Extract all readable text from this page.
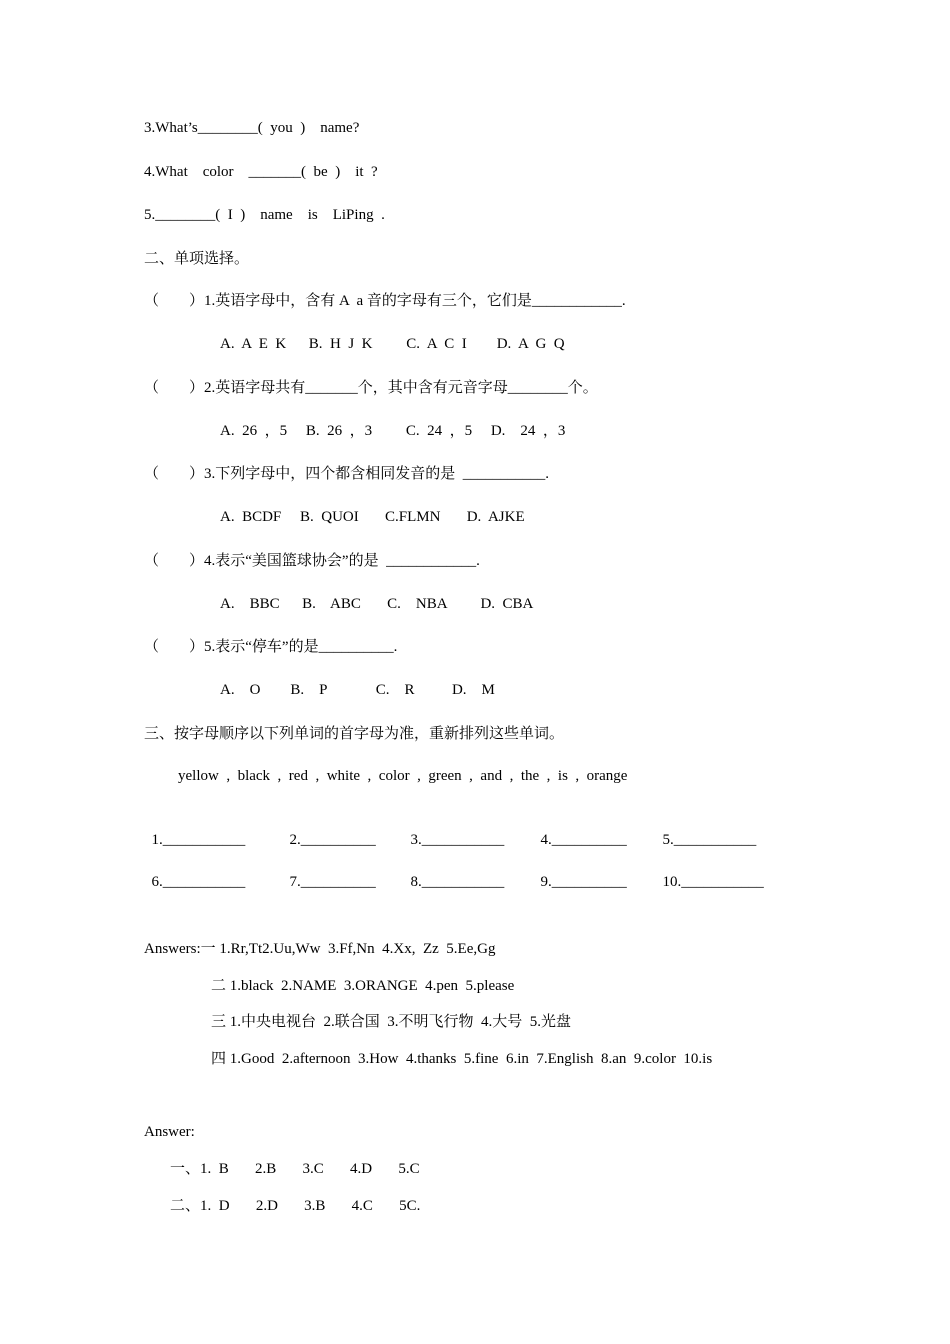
3.What’s________(  you  )    name?
4.What    color    _______(  be  )    it  ?
5.________(  I  )    name    is    LiPing  .
二、单项选择。
（        ）1.英语字母中，含有 A  a 音的字母有三个，它们是____________.
A.  A  E  K      B.  H  J  K         C.  A  C  I        D.  A  G  Q
（        ）2.英语字母共有_______个，其中含有元音字母________个。
A.  26  ，5     B.  26  ，3         C.  24  ，5     D.    24  ，3
（        ）3.下列字母中，四个都含相同发音的是  ___________.
A.  BCDF     B.  QUOI       C.FLMN       D.  AJKE
（        ）4.表示“美国篮球协会”的是  ____________.
A.    BBC      B.    ABC       C.    NBA         D.  CBA
（        ）5.表示“停车”的是__________.
A.    O        B.    P             C.    R          D.    M
三、按字母顺序以下列单词的首字母为准，重新排列这些单词。
yellow  ,  black  ,  red  ,  white  ,  color  ,  green  ,  and  ,  the  ,  is  ,  orange

1.___________	2.__________ 3.___________ 4.__________ 5.___________

6.___________	7.__________ 8.___________ 9.__________ 10.___________

Answers:一 1.Rr,Tt2.Uu,Ww  3.Ff,Nn  4.Xx,  Zz  5.Ee,Gg
二 1.black  2.NAME  3.ORANGE  4.pen  5.please
三 1.中央电视台  2.联合国  3.不明飞行物  4.大号  5.光盘
四 1.Good  2.afternoon  3.How  4.thanks  5.fine  6.in  7.English  8.an  9.color  10.is
Answer:
一、1.  B       2.B       3.C       4.D       5.C
二、1.  D       2.D       3.B       4.C       5C.
